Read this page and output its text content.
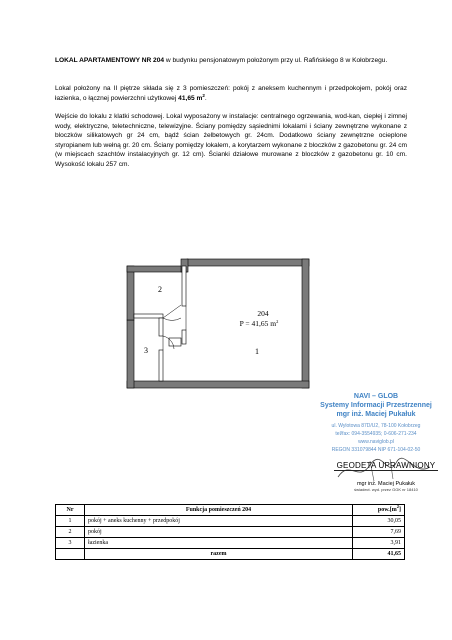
LOKAL APARTAMENTOWY NR 204 w budynku pensjonatowym położonym przy ul. Rafińskiego 8 w Kołobrzegu.
Lokal położony na II piętrze składa się z 3 pomieszczeń: pokój z aneksem kuchennym i przedpokojem, pokój oraz łazienka, o łącznej powierzchni użytkowej 41,65 $m^2$.
Wejście do lokalu z klatki schodowej. Lokal wyposażony w instalacje: centralnego ogrzewania, wod-kan, ciepłej i zimnej wody, elektryczne, teletechniczne, telewizyjne. Ściany pomiędzy sąsiednimi lokalami i ściany zewnętrzne wykonane z bloczków silikatowych gr 24 cm, bądź ścian żelbetowych gr. 24cm. Dodatkowo ściany zewnętrzne ocieplone styropianem lub wełną gr. 20 cm. Ściany pomiędzy lokalem, a korytarzem wykonane z bloczków z gazobetonu gr. 24 cm (w miejscach szachtów instalacyjnych gr. 12 cm). Ścianki działowe murowane z bloczków z gazobetonu gr. 10 cm. Wysokość lokalu 257 cm.
2
3	1
204
P = 41,65 $m^2$
NAVI – GLOB
Systemy Informacji Przestrzennej
mgr inż. Maciej Pukałuk
ul. Wylotowa 87D/U2, 78-100 Kołobrzeg
tel/fax: 094-3554935; 0-606-271-234
www.naviglob.pl
REGON 331079844 NIP 671-104-02-50
GEODETA UPRAWNIONY
mgr inż. Maciej Pukałuk
świadect. wyd. przez GGK nr 18410
Nr	Funkcja pomieszczeń 204	$pow.[m^2]$
1	pokój + aneks kuchenny + przedpokój	30,05
2	pokój	7,69
3	łazienka	3,91
	razem	41,65
